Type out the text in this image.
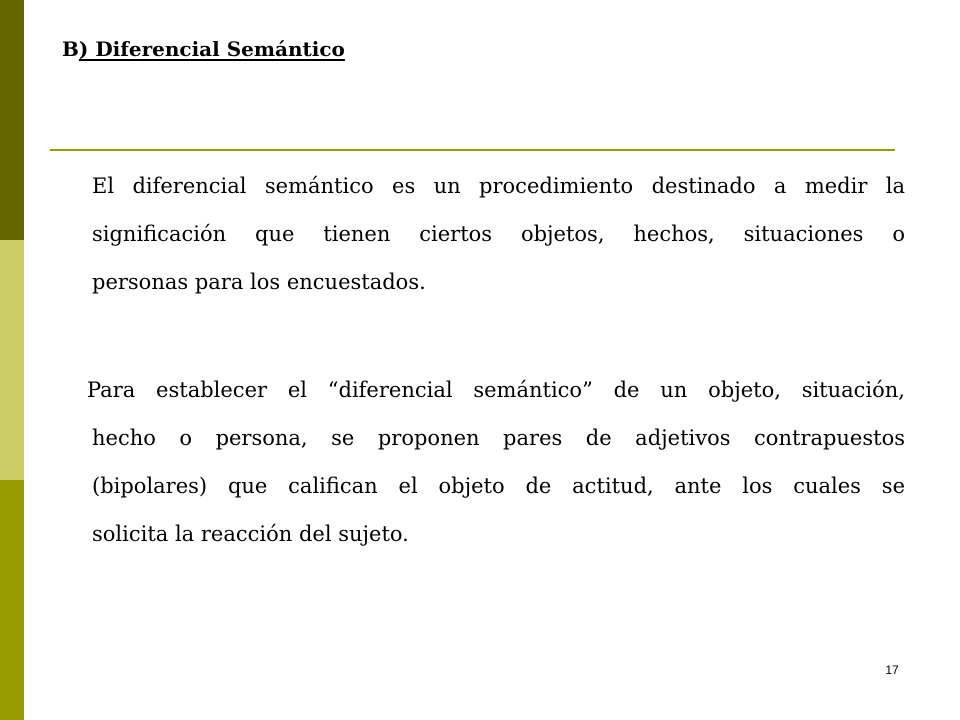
B) Diferencial Semántico
El diferencial semántico es un procedimiento destinado a medir la
significación que tienen ciertos objetos, hechos, situaciones o
personas para los encuestados.
Para establecer el “diferencial semántico” de un objeto, situación,
hecho o persona, se proponen pares de adjetivos contrapuestos
(bipolares) que califican el objeto de actitud, ante los cuales se
solicita la reacción del sujeto.
17
